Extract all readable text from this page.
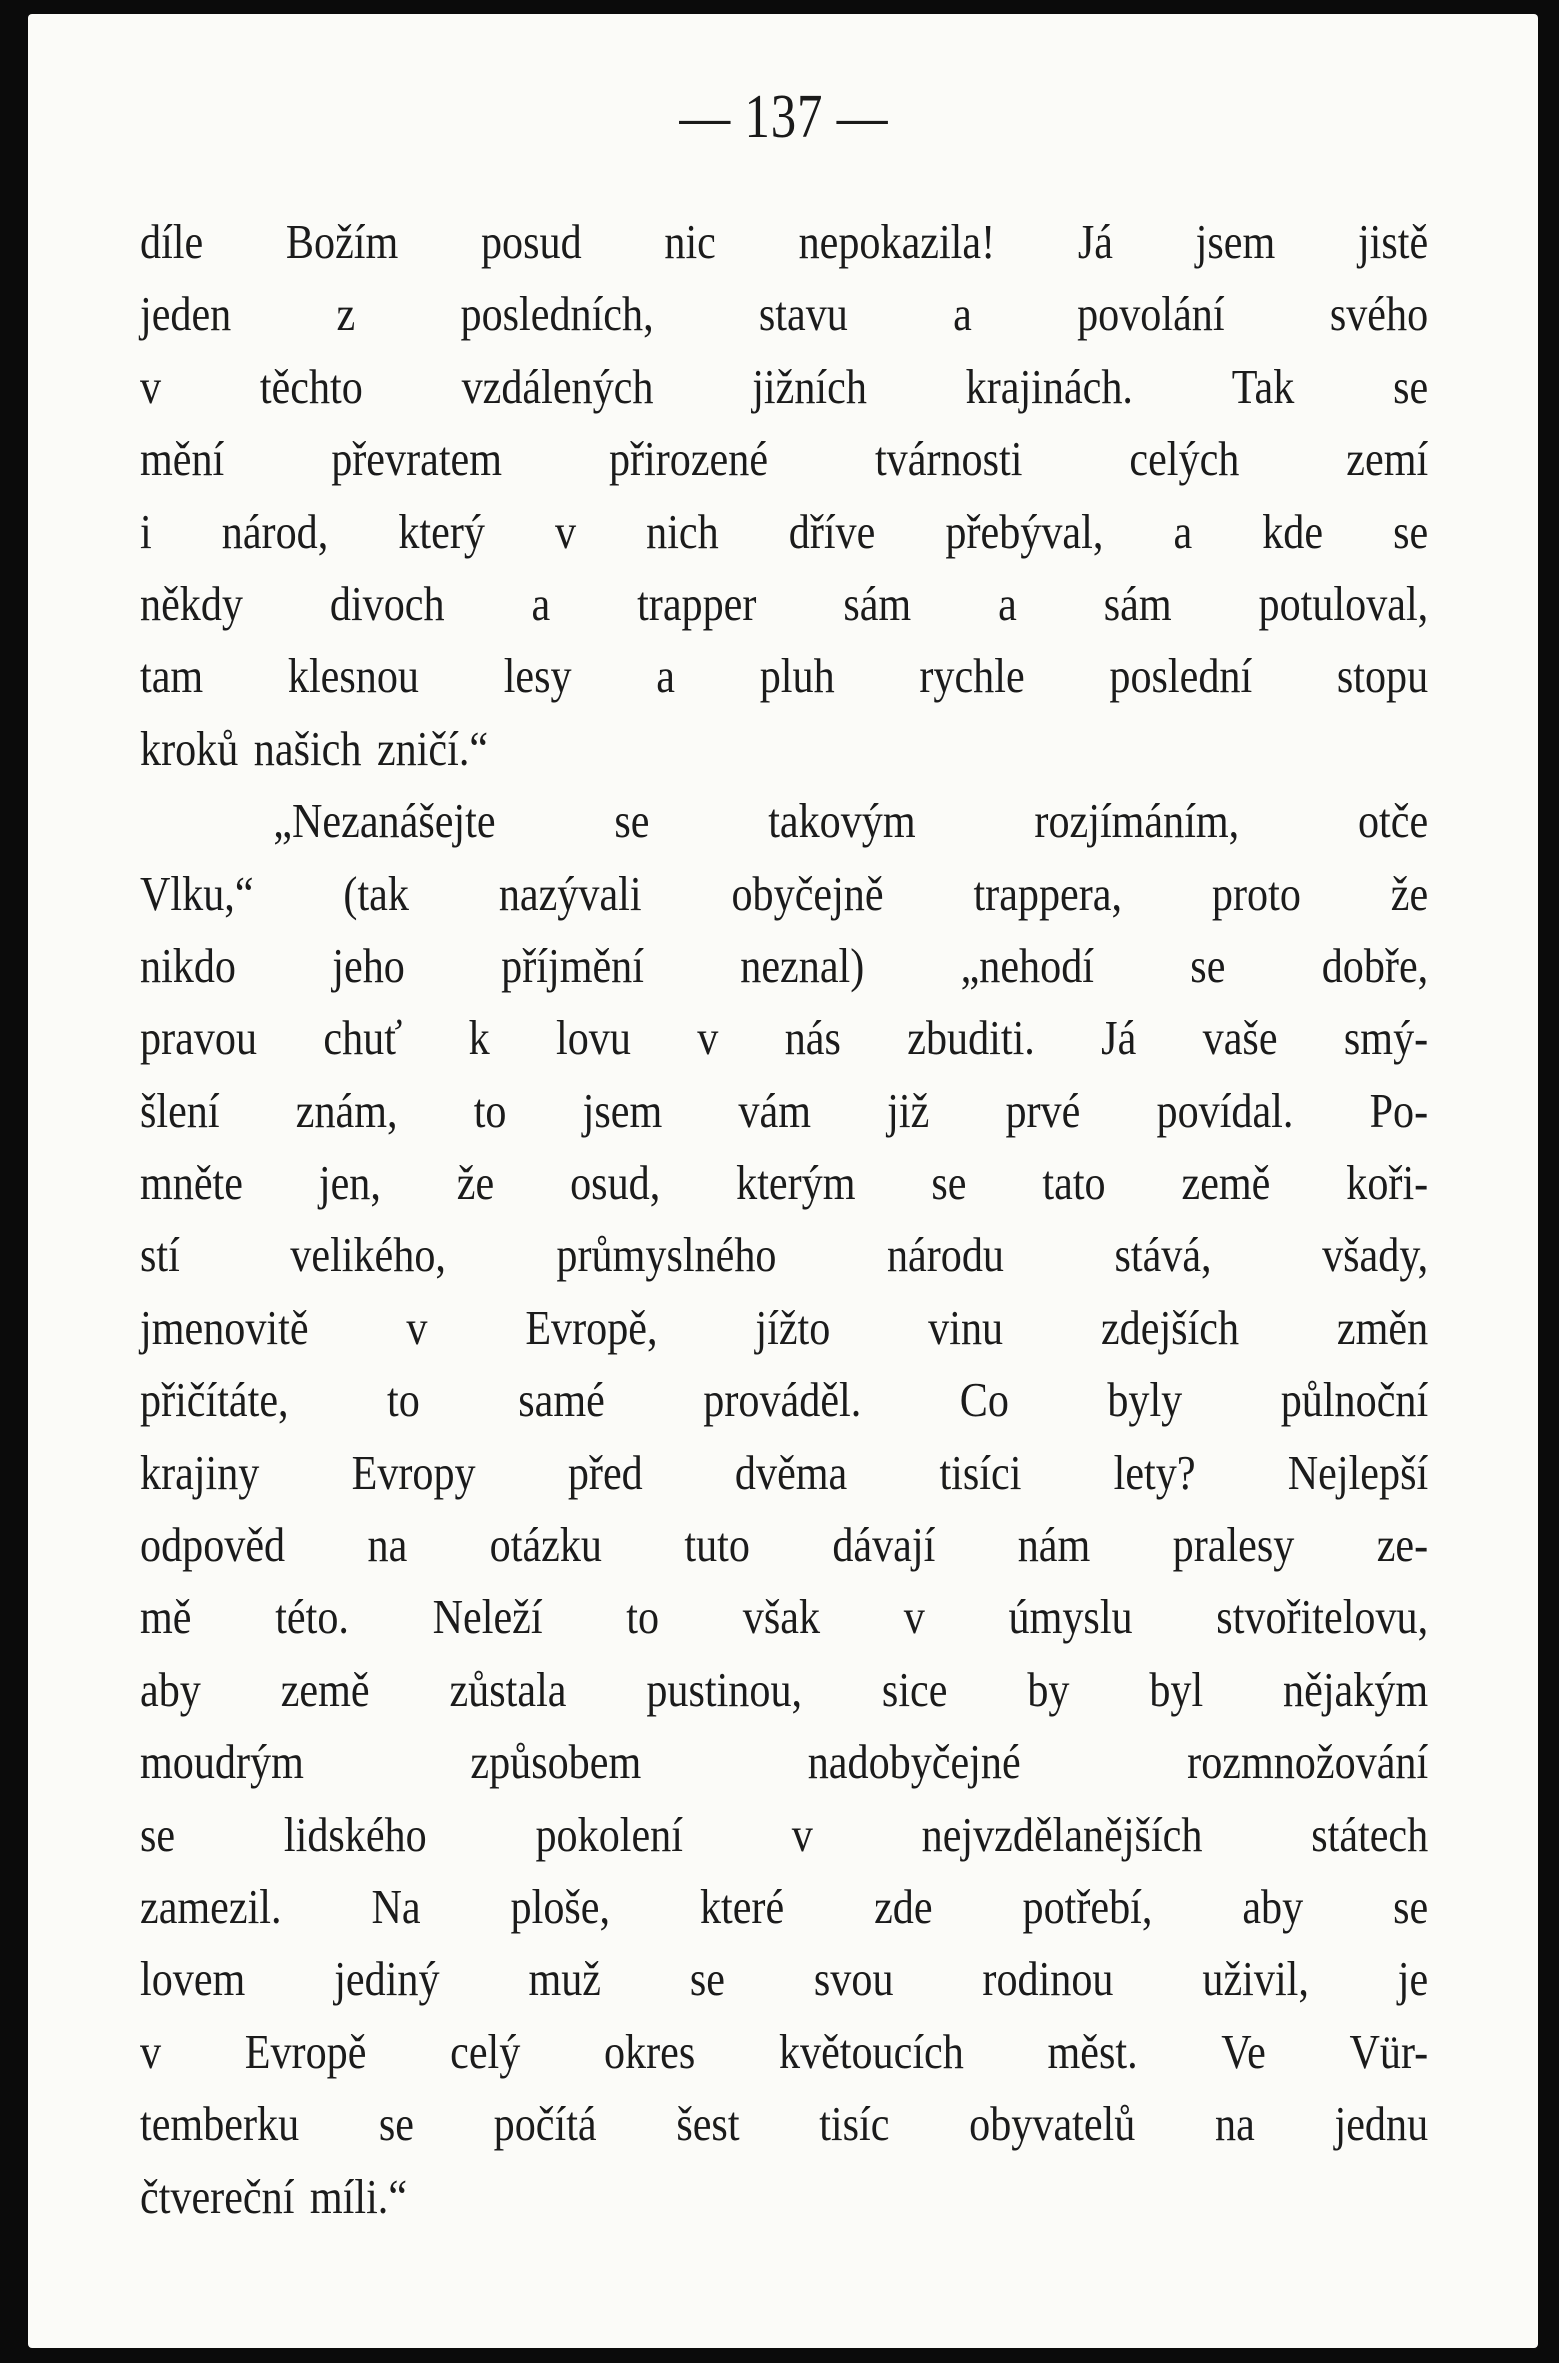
— 137 —
díle Božím posud nic nepokazila! Já jsem jistě
jeden z posledních, stavu a povolání svého
v těchto vzdálených jižních krajinách. Tak se
mění převratem přirozené tvárnosti celých zemí
i národ, který v nich dříve přebýval, a kde se
někdy divoch a trapper sám a sám potuloval,
tam klesnou lesy a pluh rychle poslední stopu
kroků našich zničí.“
„Nezanášejte se takovým rozjímáním, otče
Vlku,“ (tak nazývali obyčejně trappera, proto že
nikdo jeho příjmění neznal) „nehodí se dobře,
pravou chuť k lovu v nás zbuditi. Já vaše smý-
šlení znám, to jsem vám již prvé povídal. Po-
mněte jen, že osud, kterým se tato země koři-
stí velikého, průmyslného národu stává, všady,
jmenovitě v Evropě, jížto vinu zdejších změn
přičítáte, to samé prováděl. Co byly půlnoční
krajiny Evropy před dvěma tisíci lety? Nejlepší
odpověd na otázku tuto dávají nám pralesy ze-
mě této. Neleží to však v úmyslu stvořitelovu,
aby země zůstala pustinou, sice by byl nějakým
moudrým	způsobem	nadobyčejné	rozmnožování
se lidského pokolení v nejvzdělanějších státech
zamezil. Na ploše, které zde potřebí, aby se
lovem jediný muž se svou rodinou uživil, je
v Evropě celý okres květoucích měst. Ve Vür-
temberku se počítá šest tisíc obyvatelů na jednu
čtvereční míli.“
